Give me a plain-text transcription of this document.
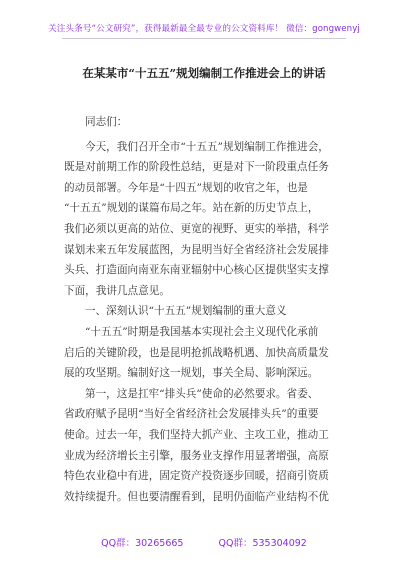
关注头条号“公文研究”，获得最新最全最专业的公文资料库！ 微信：gongwenyj
在某某市“十五五”规划编制工作推进会上的讲话
同志们：
今天，我们召开全市“十五五”规划编制工作推进会，
既是对前期工作的阶段性总结，更是对下一阶段重点任务
的动员部署。今年是“十四五”规划的收官之年，也是
“十五五”规划的谋篇布局之年。站在新的历史节点上，
我们必须以更高的站位、更宽的视野、更实的举措，科学
谋划未来五年发展蓝图，为昆明当好全省经济社会发展排
头兵、打造面向南亚东南亚辐射中心核心区提供坚实支撑
下面，我讲几点意见。
一、深刻认识“十五五”规划编制的重大意义
“十五五”时期是我国基本实现社会主义现代化承前
启后的关键阶段，也是昆明抢抓战略机遇、加快高质量发
展的攻坚期。编制好这一规划，事关全局、影响深远。
第一，这是扛牢“排头兵”使命的必然要求。省委、
省政府赋予昆明“当好全省经济社会发展排头兵”的重要
使命。过去一年，我们坚持大抓产业、主攻工业，推动工
业成为经济增长主引擎，服务业支撑作用显著增强，高原
特色农业稳中有进，固定资产投资逐步回暖，招商引资质
效持续提升。但也要清醒看到，昆明仍面临产业结构不优
QQ群：30265665	QQ群：535304092
